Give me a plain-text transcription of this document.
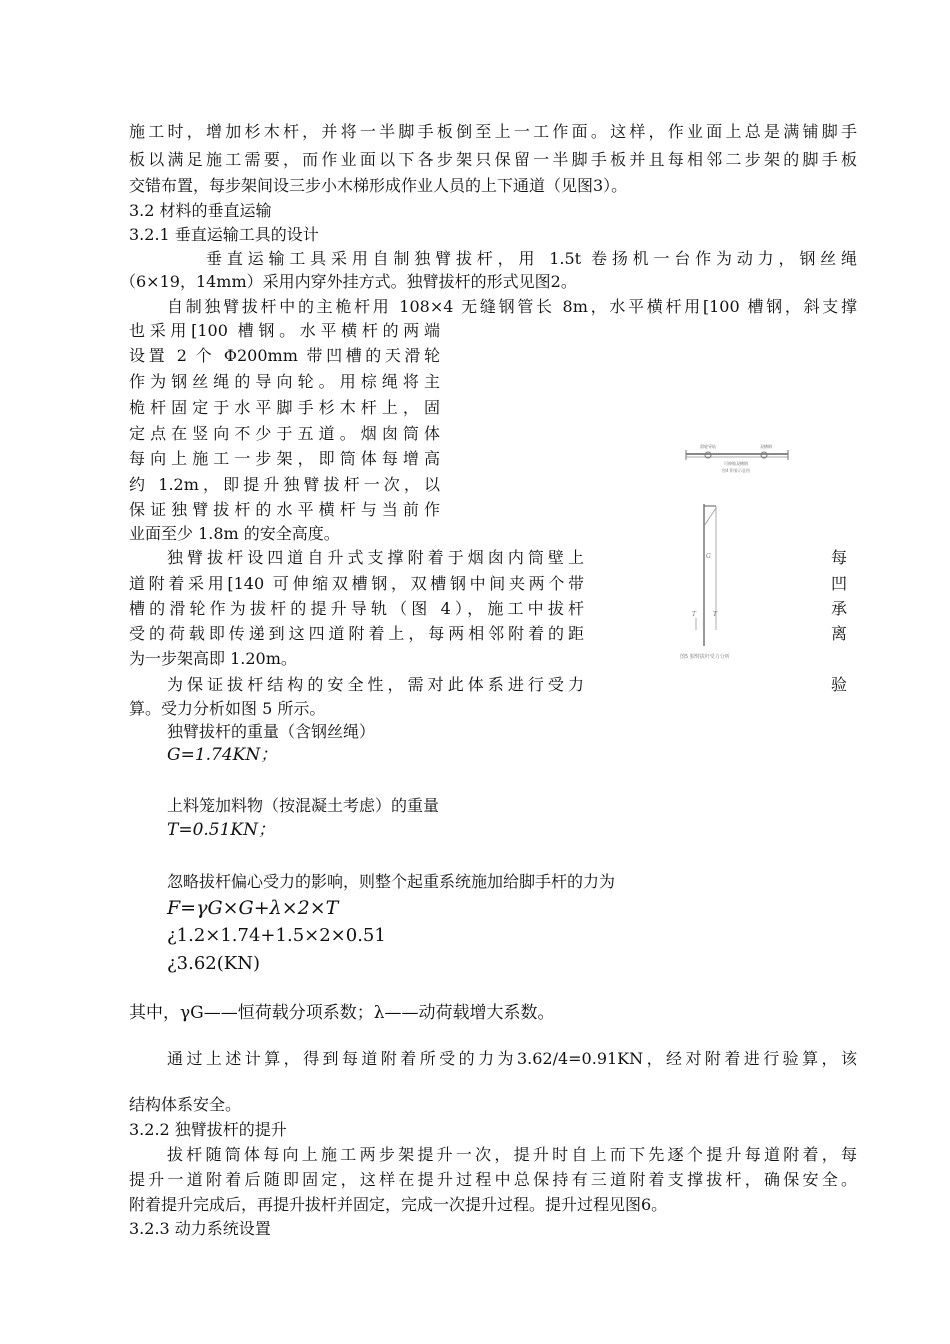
施工时，增加杉木杆，并将一半脚手板倒至上一工作面。这样，作业面上总是满铺脚手
板以满足施工需要，而作业面以下各步架只保留一半脚手板并且每相邻二步架的脚手板
交错布置，每步架间设三步小木梯形成作业人员的上下通道（见图3）。
3.2 材料的垂直运输
3.2.1 垂直运输工具的设计
垂直运输工具采用自制独臂拔杆，用 1.5t 卷扬机一台作为动力，钢丝绳
（6×19，14mm）采用内穿外挂方式。独臂拔杆的形式见图2。
自制独臂拔杆中的主桅杆用 108×4 无缝钢管长 8m，水平横杆用[100 槽钢，斜支撑
也采用[100 槽钢。水平横杆的两端
设置 2 个 Φ200mm 带凹槽的天滑轮
作为钢丝绳的导向轮。用棕绳将主
桅杆固定于水平脚手杉木杆上，固
定点在竖向不少于五道。烟囱筒体
每向上施工一步架，即筒体每增高
约 1.2m，即提升独臂拔杆一次，以
保证独臂拔杆的水平横杆与当前作
业面至少 1.8m 的安全高度。
独臂拔杆设四道自升式支撑附着于烟囱内筒壁上
道附着采用[140 可伸缩双槽钢，双槽钢中间夹两个带
槽的滑轮作为拔杆的提升导轨（图 4），施工中拔杆
受的荷载即传递到这四道附着上，每两相邻附着的距
为一步架高即 1.20m。
为保证拔杆结构的安全性，需对此体系进行受力
算。受力分析如图 5 所示。
每
凹
承
离
验
滑轮导轨	双槽钢
可伸缩双槽钢
图4 附着示意图
G
T	T
图5 独臂拔杆受力分析
独臂拔杆的重量（含钢丝绳）
G=1.74KN；
上料笼加料物（按混凝土考虑）的重量
T=0.51KN；
忽略拔杆偏心受力的影响，则整个起重系统施加给脚手杆的力为
F=γG×G+λ×2×T
¿1.2×1.74+1.5×2×0.51
¿3.62(KN)
其中，γG——恒荷载分项系数；λ——动荷载增大系数。
通过上述计算，得到每道附着所受的力为3.62/4=0.91KN，经对附着进行验算，该
结构体系安全。
3.2.2 独臂拔杆的提升
拔杆随筒体每向上施工两步架提升一次，提升时自上而下先逐个提升每道附着，每
提升一道附着后随即固定，这样在提升过程中总保持有三道附着支撑拔杆，确保安全。
附着提升完成后，再提升拔杆并固定，完成一次提升过程。提升过程见图6。
3.2.3 动力系统设置
